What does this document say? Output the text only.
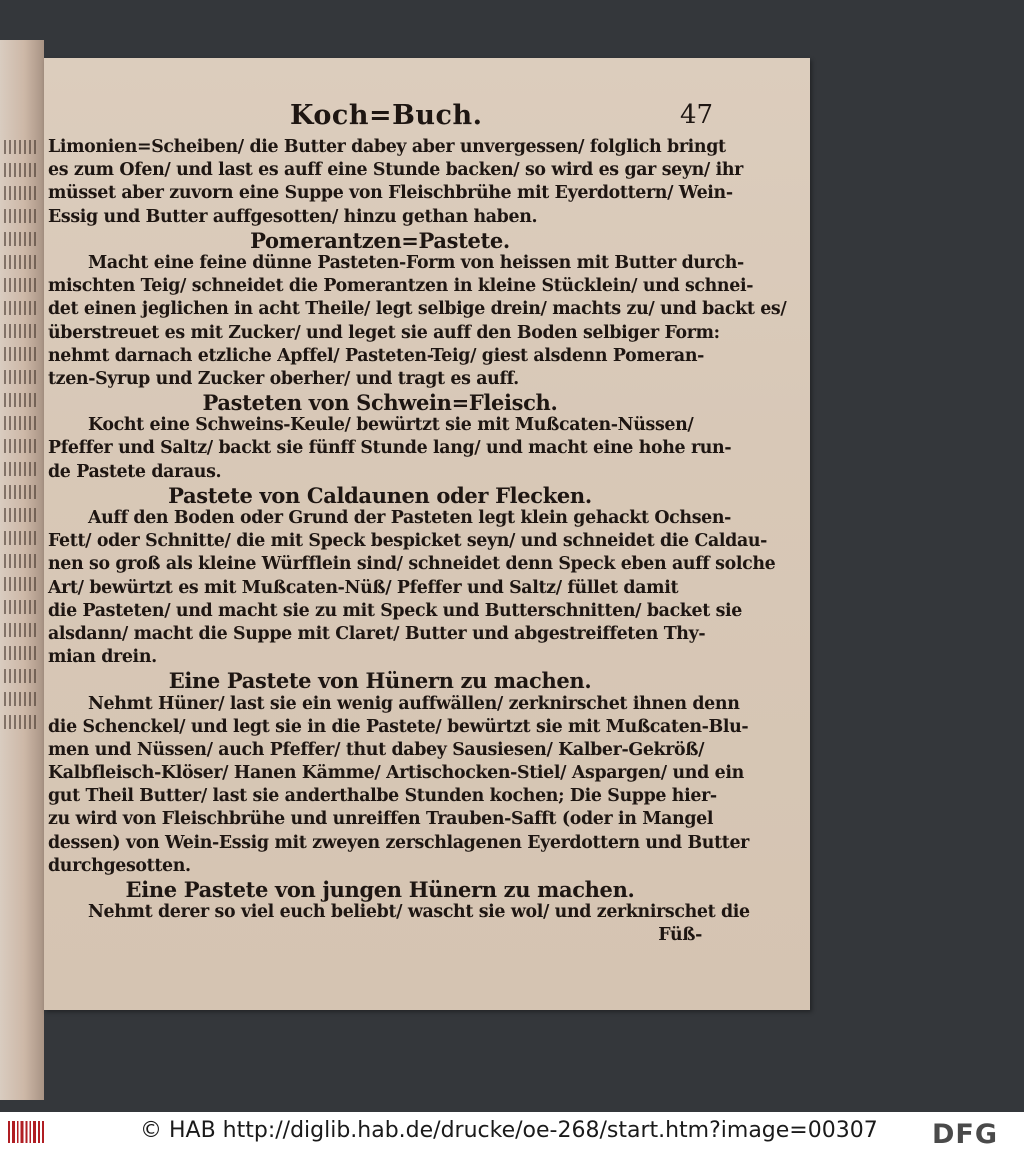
Koch=Buch.	47
Limonien=Scheiben/ die Butter dabey aber unvergessen/ folglich bringt
es zum Ofen/ und last es auff eine Stunde backen/ so wird es gar seyn/ ihr
müsset aber zuvorn eine Suppe von Fleischbrühe mit Eyerdottern/ Wein-
Essig und Butter auffgesotten/ hinzu gethan haben.
Pomerantzen=Pastete.
Macht eine feine dünne Pasteten-Form von heissen mit Butter durch-
mischten Teig/ schneidet die Pomerantzen in kleine Stücklein/ und schnei-
det einen jeglichen in acht Theile/ legt selbige drein/ machts zu/ und backt es/
überstreuet es mit Zucker/ und leget sie auff den Boden selbiger Form:
nehmt darnach etzliche Apffel/ Pasteten-Teig/ giest alsdenn Pomeran-
tzen-Syrup und Zucker oberher/ und tragt es auff.
Pasteten von Schwein=Fleisch.
Kocht eine Schweins-Keule/ bewürtzt sie mit Mußcaten-Nüssen/
Pfeffer und Saltz/ backt sie fünff Stunde lang/ und macht eine hohe run-
de Pastete daraus.
Pastete von Caldaunen oder Flecken.
Auff den Boden oder Grund der Pasteten legt klein gehackt Ochsen-
Fett/ oder Schnitte/ die mit Speck bespicket seyn/ und schneidet die Caldau-
nen so groß als kleine Würfflein sind/ schneidet denn Speck eben auff solche
Art/ bewürtzt es mit Mußcaten-Nüß/ Pfeffer und Saltz/ füllet damit
die Pasteten/ und macht sie zu mit Speck und Butterschnitten/ backet sie
alsdann/ macht die Suppe mit Claret/ Butter und abgestreiffeten Thy-
mian drein.
Eine Pastete von Hünern zu machen.
Nehmt Hüner/ last sie ein wenig auffwällen/ zerknirschet ihnen denn
die Schenckel/ und legt sie in die Pastete/ bewürtzt sie mit Mußcaten-Blu-
men und Nüssen/ auch Pfeffer/ thut dabey Sausiesen/ Kalber-Gekröß/
Kalbfleisch-Klöser/ Hanen Kämme/ Artischocken-Stiel/ Aspargen/ und ein
gut Theil Butter/ last sie anderthalbe Stunden kochen; Die Suppe hier-
zu wird von Fleischbrühe und unreiffen Trauben-Safft (oder in Mangel
dessen) von Wein-Essig mit zweyen zerschlagenen Eyerdottern und Butter
durchgesotten.
Eine Pastete von jungen Hünern zu machen.
Nehmt derer so viel euch beliebt/ wascht sie wol/ und zerknirschet die
Füß-
© HAB http://diglib.hab.de/drucke/oe-268/start.htm?image=00307 DFG
